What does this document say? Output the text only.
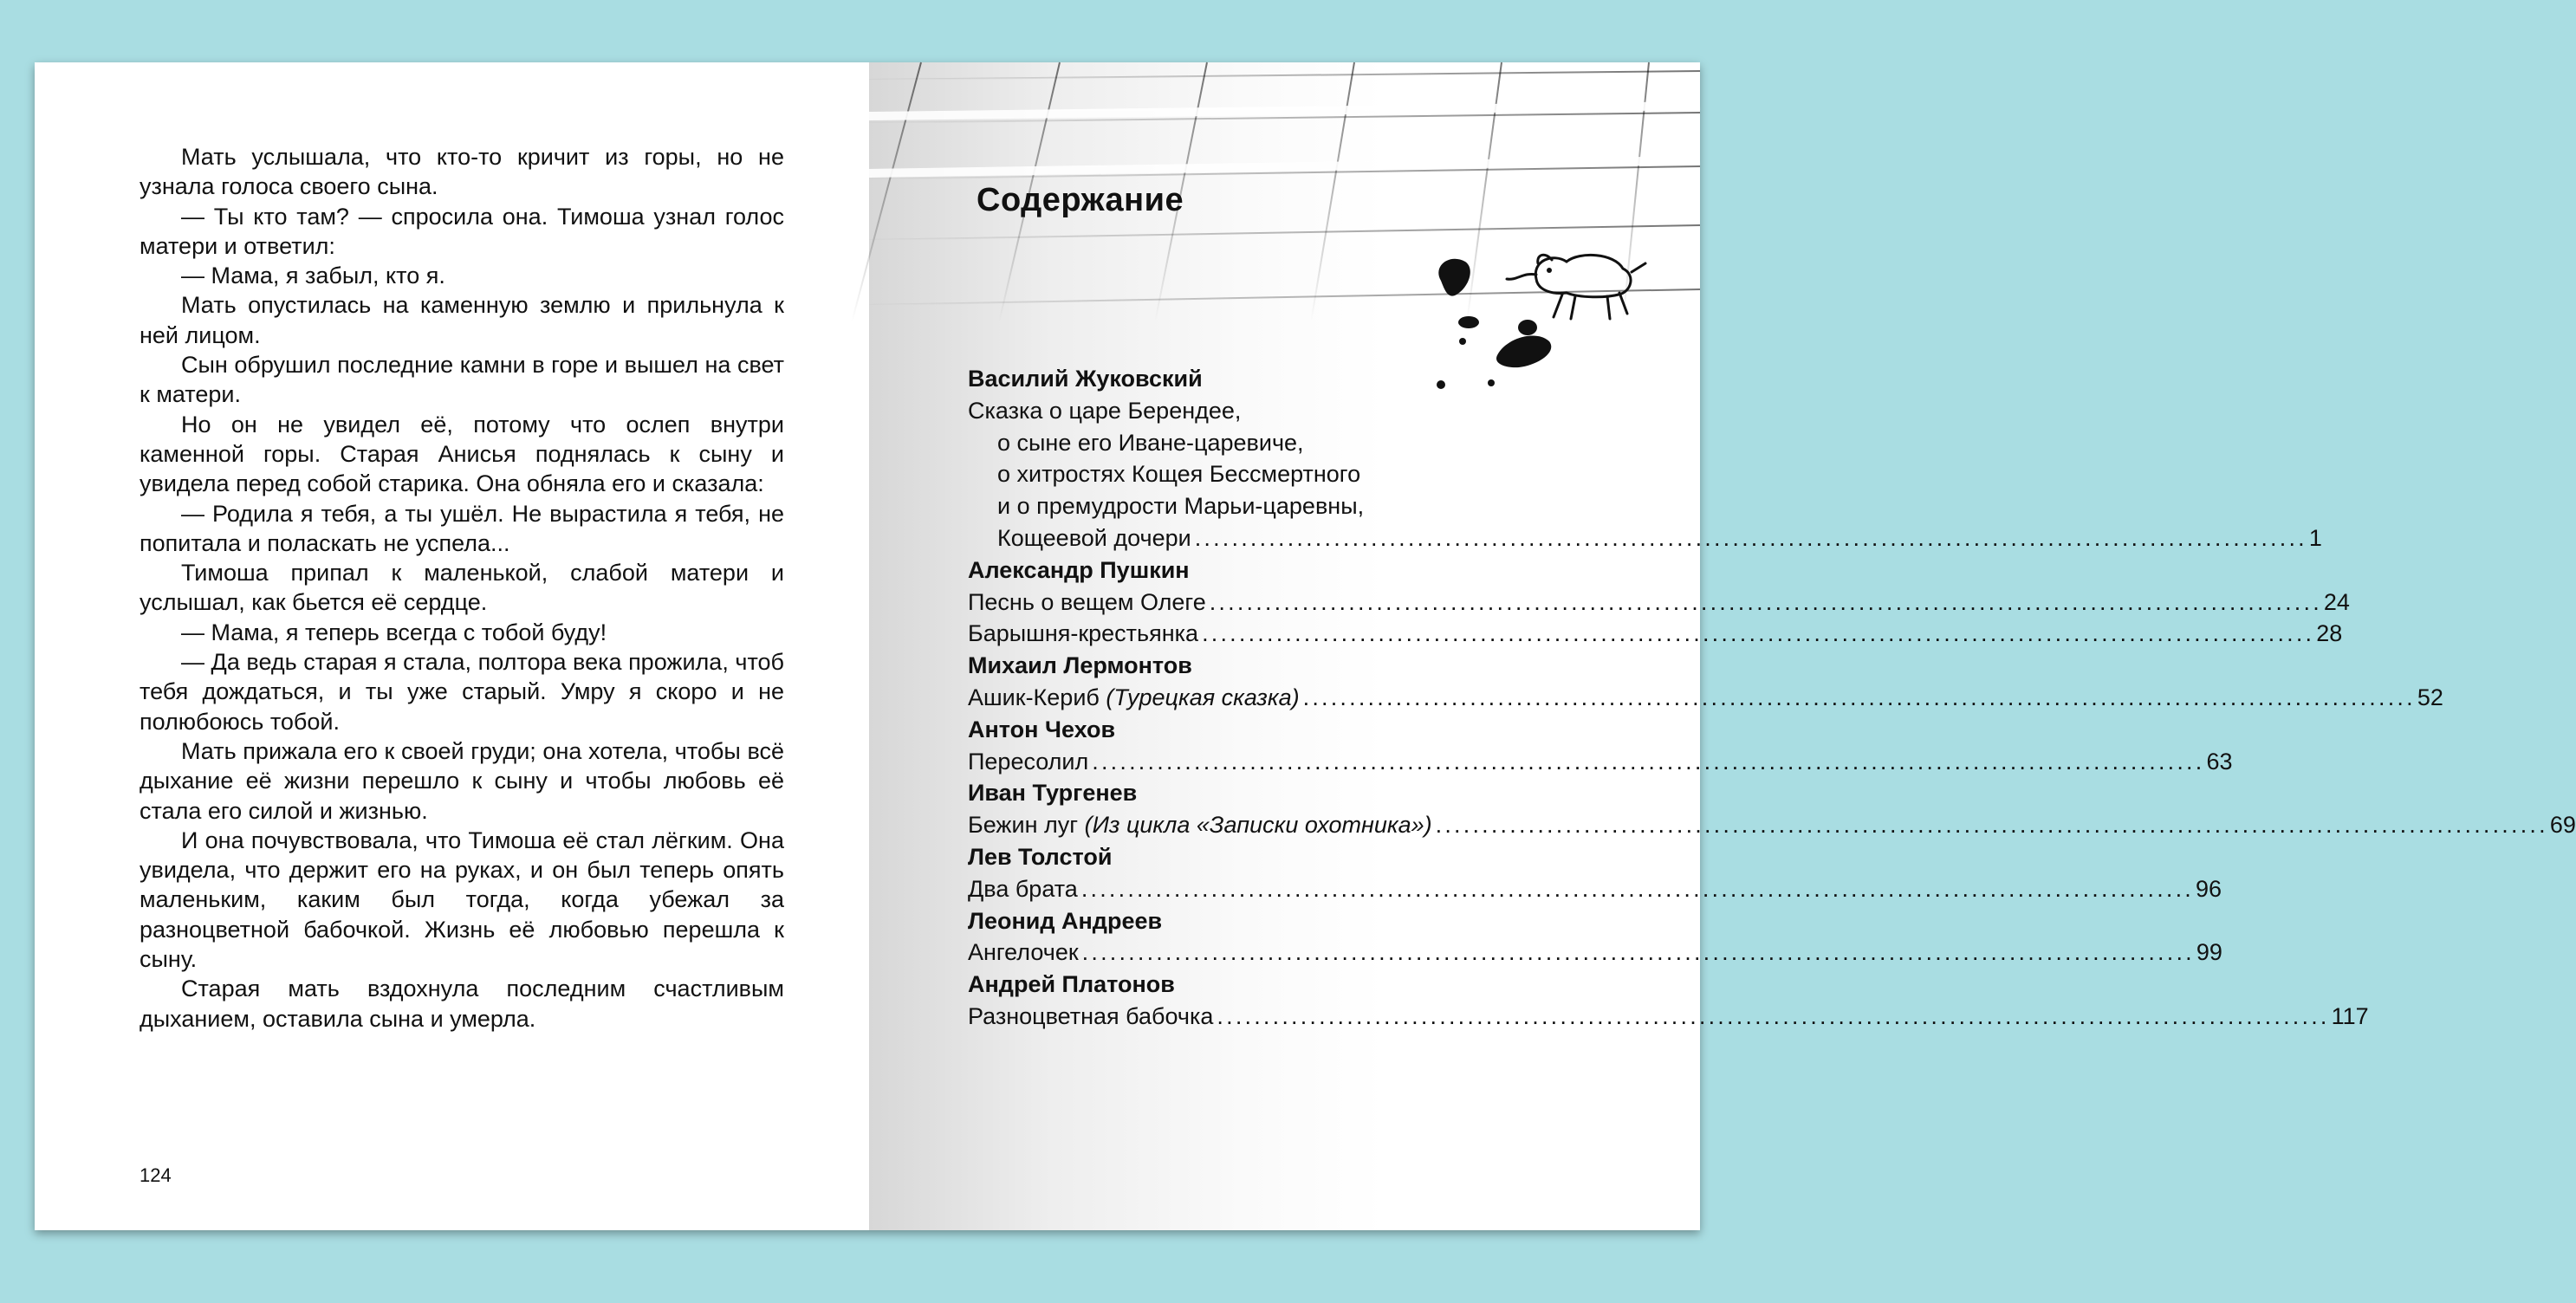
Мать услышала, что кто-то кричит из горы, но не узнала голоса своего сына.

— Ты кто там? — спросила она. Тимоша узнал голос матери и ответил:

— Мама, я забыл, кто я.

Мать опустилась на каменную землю и прильнула к ней лицом.

Сын обрушил последние камни в горе и вышел на свет к матери.

Но он не увидел её, потому что ослеп внутри каменной горы. Старая Анисья поднялась к сыну и увидела перед собой старика. Она обняла его и сказала:

— Родила я тебя, а ты ушёл. Не вырастила я тебя, не попитала и поласкать не успела...

Тимоша припал к маленькой, слабой матери и услышал, как бьется её сердце.

— Мама, я теперь всегда с тобой буду!

— Да ведь старая я стала, полтора века прожила, чтоб тебя дождаться, и ты уже старый. Умру я скоро и не полюбоюсь тобой.

Мать прижала его к своей груди; она хотела, чтобы всё дыхание её жизни перешло к сыну и чтобы любовь её стала его силой и жизнью.

И она почувствовала, что Тимоша её стал лёгким. Она увидела, что держит его на руках, и он был теперь опять маленьким, каким был тогда, когда убежал за разноцветной бабочкой. Жизнь её любовью перешла к сыну.

Старая мать вздохнула последним счастливым дыханием, оставила сына и умерла.

124
Содержание
Василий Жуковский
Сказка о царе Берендее,
о сыне его Иване-царевиче,
о хитростях Кощея Бессмертного
и о премудрости Марьи-царевны,
Кощеевой дочери ........................................................................................................................ 1
Александр Пушкин
Песнь о вещем Олеге ........................................................................................................................ 24
Барышня-крестьянка ........................................................................................................................ 28
Михаил Лермонтов
Ашик-Кериб (Турецкая сказка) ........................................................................................................................ 52
Антон Чехов
Пересолил ........................................................................................................................ 63
Иван Тургенев
Бежин луг (Из цикла «Записки охотника») ........................................................................................................................ 69
Лев Толстой
Два брата ........................................................................................................................ 96
Леонид Андреев
Ангелочек ........................................................................................................................ 99
Андрей Платонов
Разноцветная бабочка ........................................................................................................................ 117
